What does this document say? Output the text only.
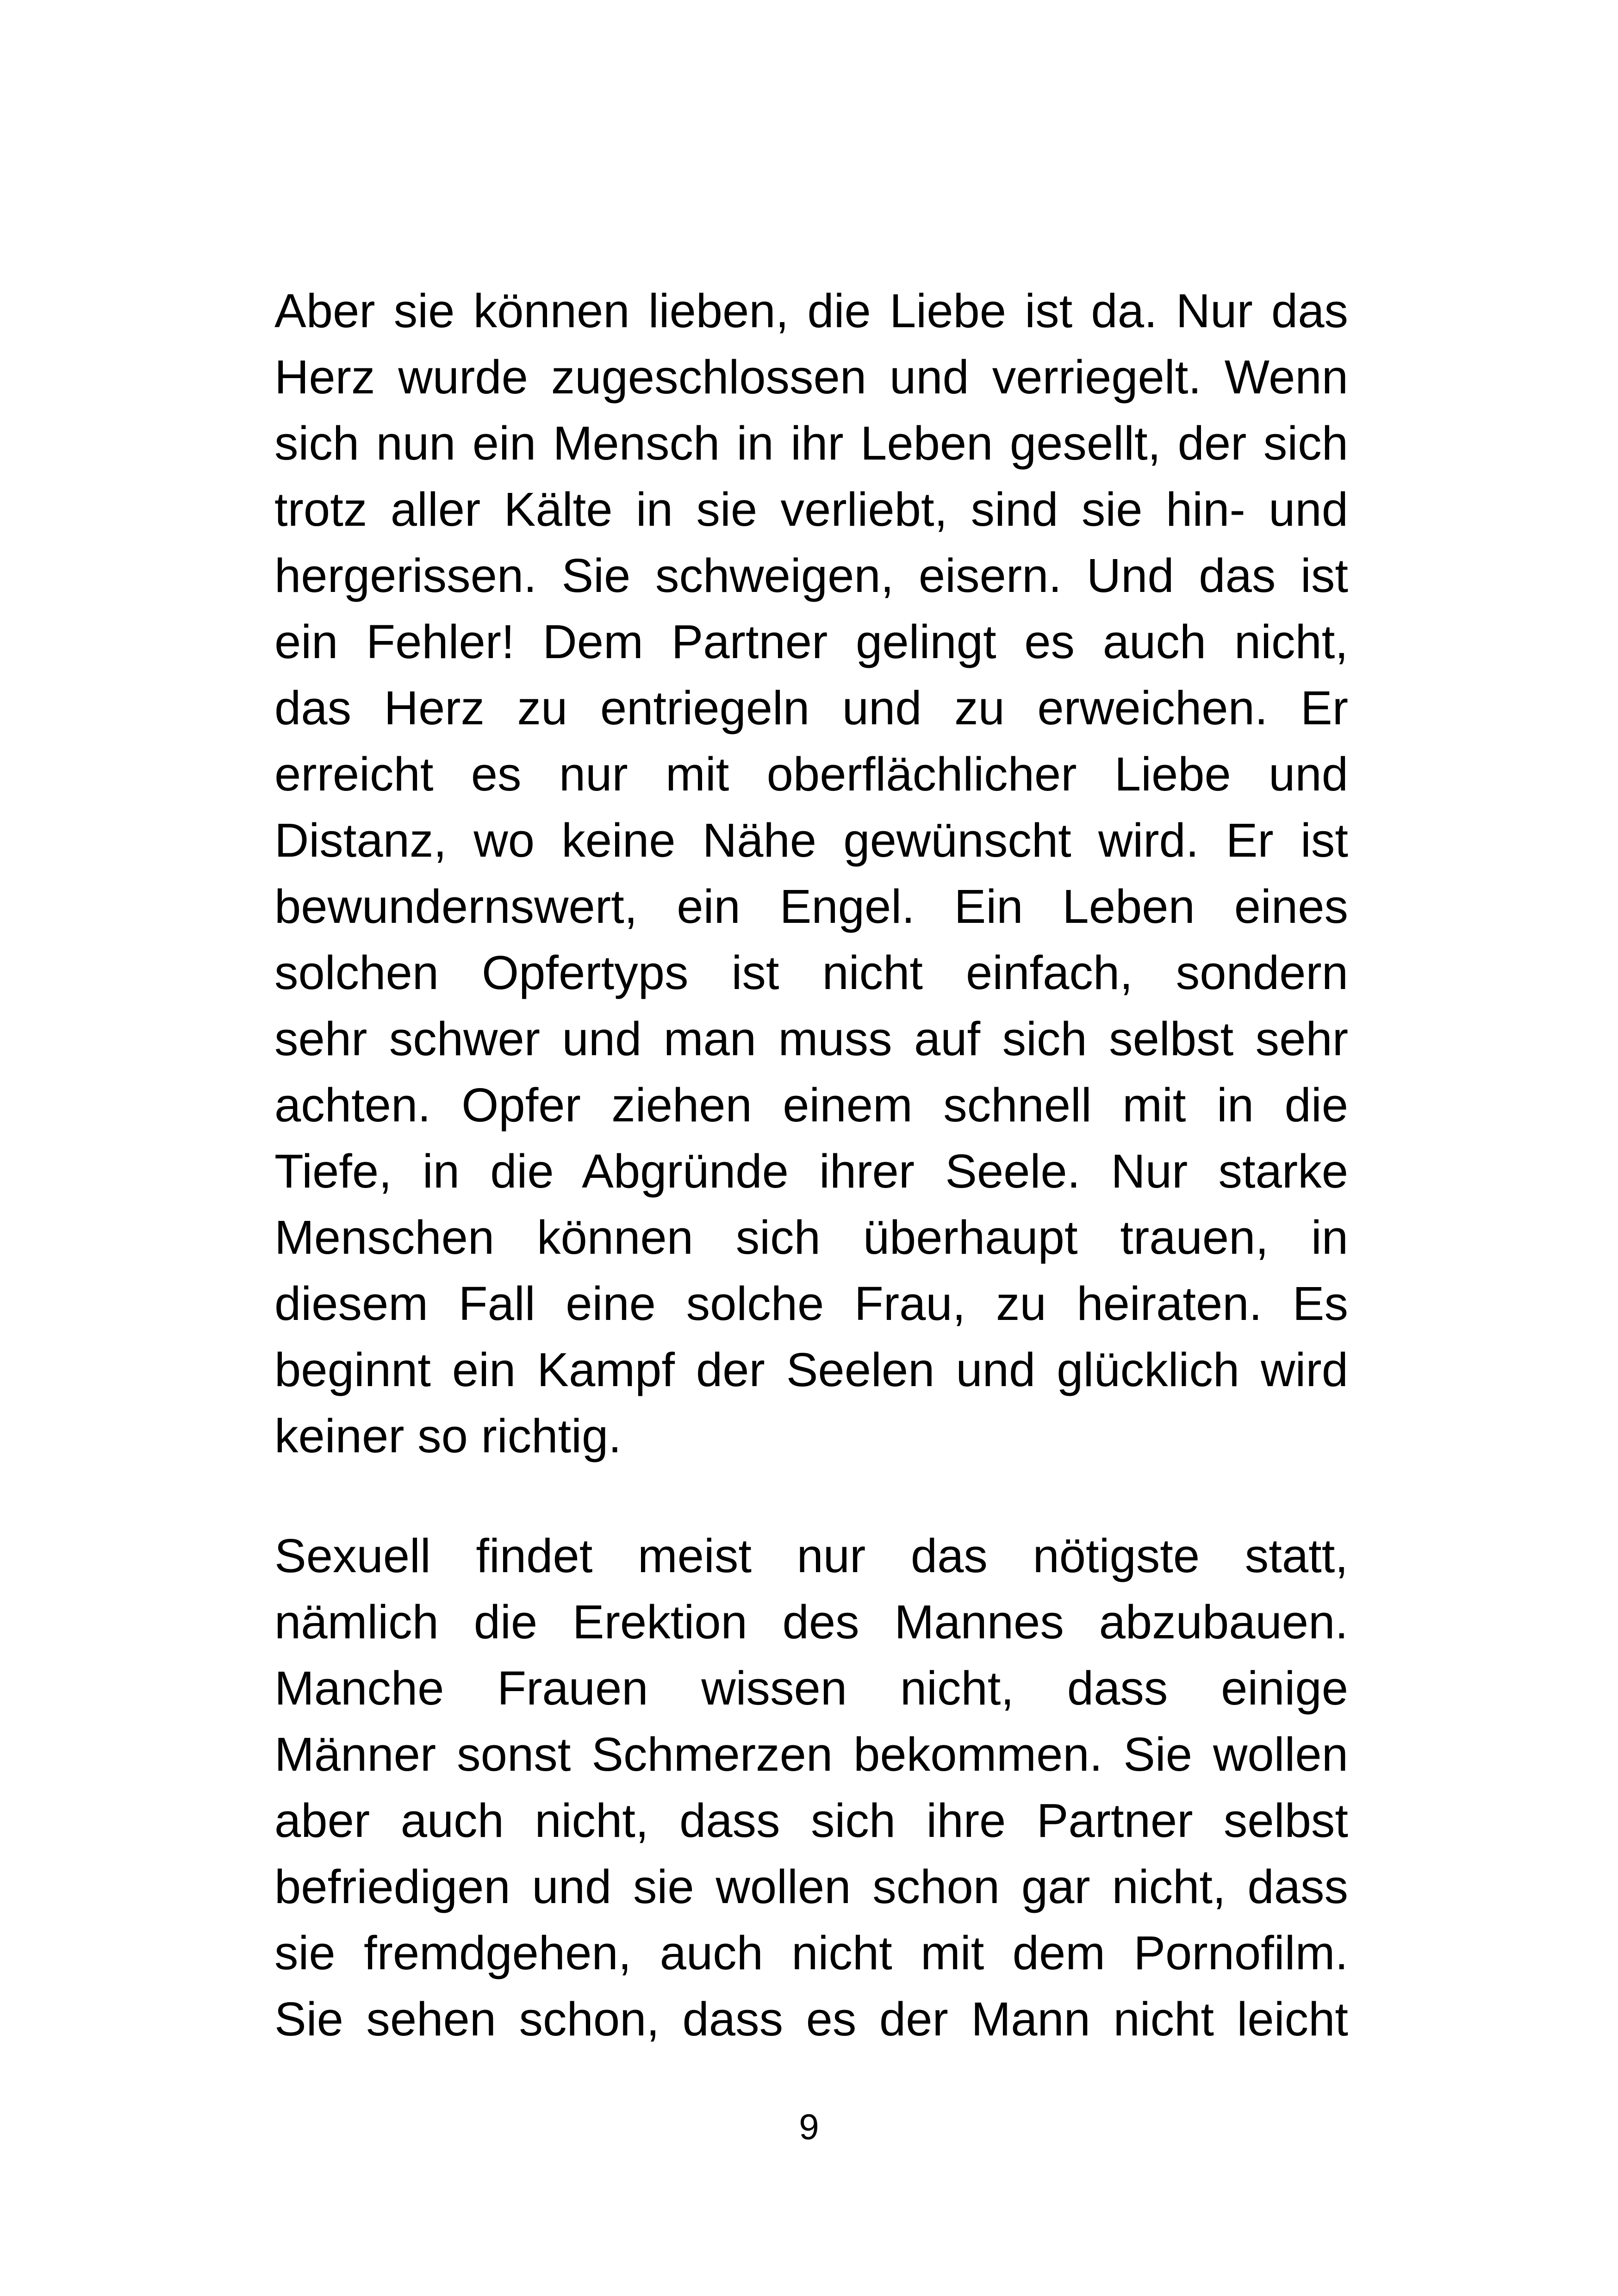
Aber sie können lieben, die Liebe ist da. Nur das
Herz wurde zugeschlossen und verriegelt. Wenn
sich nun ein Mensch in ihr Leben gesellt, der sich
trotz aller Kälte in sie verliebt, sind sie hin- und
hergerissen. Sie schweigen, eisern. Und das ist
ein Fehler! Dem Partner gelingt es auch nicht,
das Herz zu entriegeln und zu erweichen. Er
erreicht es nur mit oberflächlicher Liebe und
Distanz, wo keine Nähe gewünscht wird. Er ist
bewundernswert, ein Engel. Ein Leben eines
solchen Opfertyps ist nicht einfach, sondern
sehr schwer und man muss auf sich selbst sehr
achten. Opfer ziehen einem schnell mit in die
Tiefe, in die Abgründe ihrer Seele. Nur starke
Menschen können sich überhaupt trauen, in
diesem Fall eine solche Frau, zu heiraten. Es
beginnt ein Kampf der Seelen und glücklich wird
keiner so richtig.
Sexuell findet meist nur das nötigste statt,
nämlich die Erektion des Mannes abzubauen.
Manche Frauen wissen nicht, dass einige
Männer sonst Schmerzen bekommen. Sie wollen
aber auch nicht, dass sich ihre Partner selbst
befriedigen und sie wollen schon gar nicht, dass
sie fremdgehen, auch nicht mit dem Pornofilm.
Sie sehen schon, dass es der Mann nicht leicht
9
